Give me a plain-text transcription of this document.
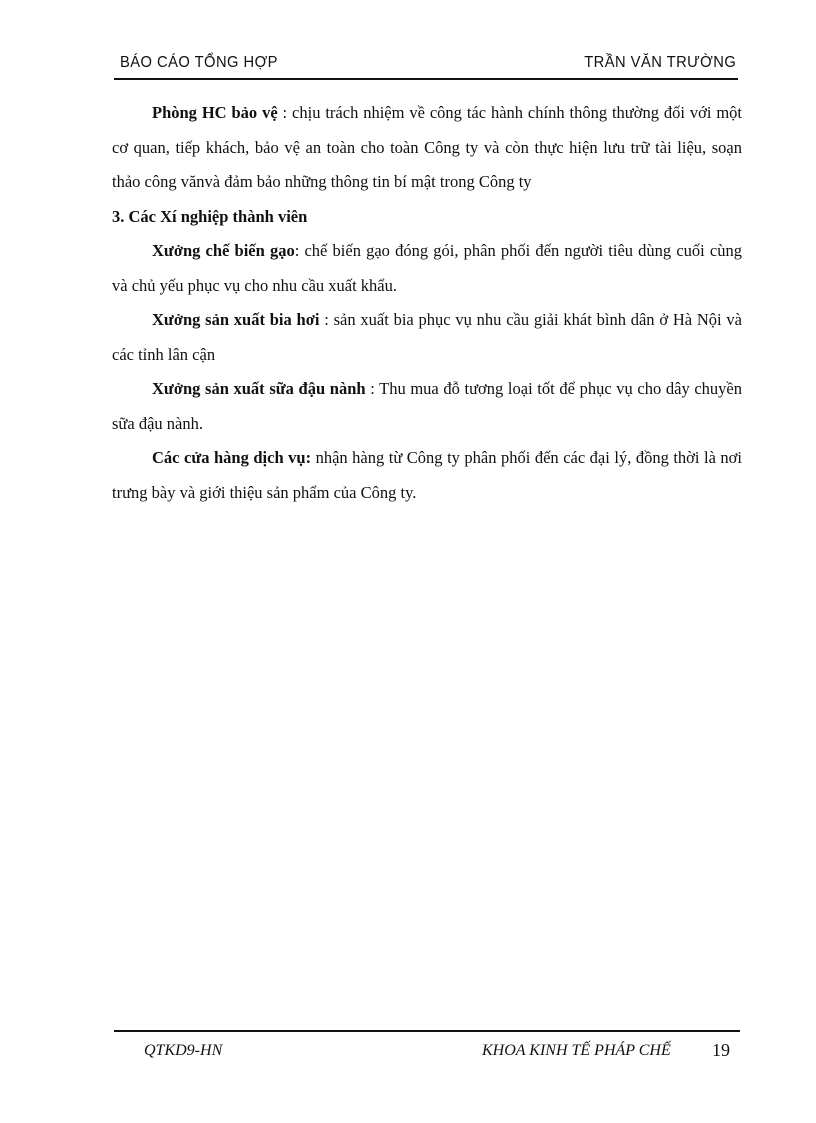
BÁO CÁO TỔNG HỢP	TRẦN VĂN TRƯỜNG

Phòng HC bảo vệ : chịu trách nhiệm về công tác hành chính thông thường đối với một cơ quan, tiếp khách, bảo vệ an toàn cho toàn Công ty và còn thực hiện lưu trữ tài liệu, soạn thảo công vănvà đảm bảo những thông tin bí mật trong Công ty

3. Các Xí nghiệp thành viên

Xưởng chế biến gạo: chế biến gạo đóng gói, phân phối đến người tiêu dùng cuối cùng và chủ yếu phục vụ cho nhu cầu xuất khẩu.

Xưởng sản xuất bia hơi : sản xuất bia phục vụ nhu cầu giải khát bình dân ở Hà Nội và các tỉnh lân cận

Xưởng sản xuất sữa đậu nành : Thu mua đỗ tương loại tốt để phục vụ cho dây chuyền sữa đậu nành.

Các cửa hàng dịch vụ: nhận hàng từ Công ty phân phối đến các đại lý, đồng thời là nơi trưng bày và giới thiệu sản phẩm của Công ty.

QTKD9-HN	KHOA KINH TẾ PHÁP CHẾ 19
